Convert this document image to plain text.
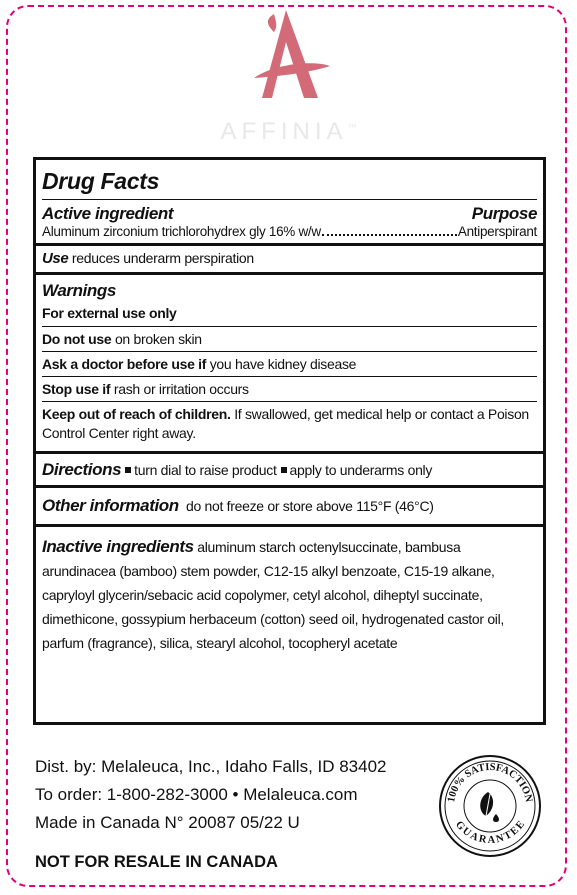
AFFINIA™
Drug Facts
Active ingredient	Purpose
Aluminum zirconium trichlorohydrex gly 16% w/w	Antiperspirant
Use reduces underarm perspiration
Warnings
For external use only
Do not use on broken skin
Ask a doctor before use if you have kidney disease
Stop use if rash or irritation occurs
Keep out of reach of children. If swallowed, get medical help or contact a Poison Control Center right away.
Directions turn dial to raise product apply to underarms only
Other information do not freeze or store above 115°F (46°C)
Inactive ingredients aluminum starch octenylsuccinate, bambusa arundinacea (bamboo) stem powder, C12-15 alkyl benzoate, C15-19 alkane, capryloyl glycerin/sebacic acid copolymer, cetyl alcohol, diheptyl succinate, dimethicone, gossypium herbaceum (cotton) seed oil, hydrogenated castor oil, parfum (fragrance), silica, stearyl alcohol, tocopheryl acetate
Dist. by: Melaleuca, Inc., Idaho Falls, ID 83402
To order: 1-800-282-3000 • Melaleuca.com
Made in Canada N° 20087 05/22 U
NOT FOR RESALE IN CANADA
100% SATISFACTION
GUARANTEE
